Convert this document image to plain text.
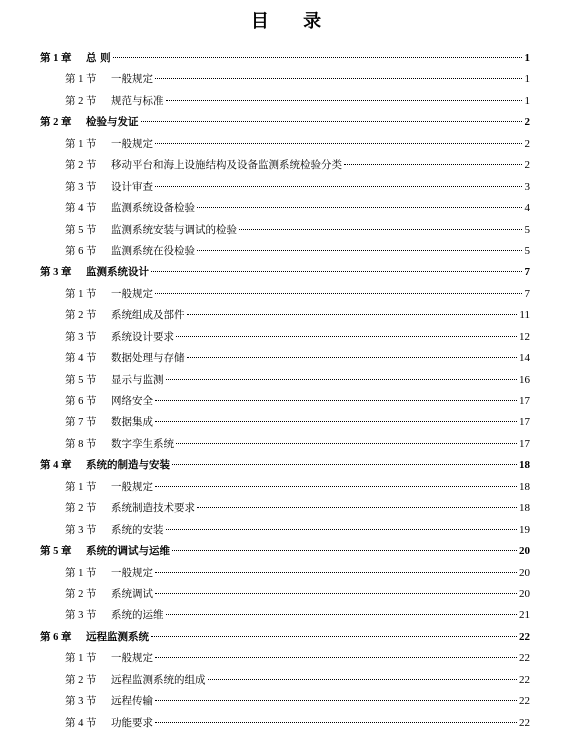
目 录
第 1 章	总 则	1
第 1 节	一般规定	1
第 2 节	规范与标准	1
第 2 章	检验与发证	2
第 1 节	一般规定	2
第 2 节	移动平台和海上设施结构及设备监测系统检验分类	2
第 3 节	设计审查	3
第 4 节	监测系统设备检验	4
第 5 节	监测系统安装与调试的检验	5
第 6 节	监测系统在役检验	5
第 3 章	监测系统设计	7
第 1 节	一般规定	7
第 2 节	系统组成及部件	11
第 3 节	系统设计要求	12
第 4 节	数据处理与存储	14
第 5 节	显示与监测	16
第 6 节	网络安全	17
第 7 节	数据集成	17
第 8 节	数字孪生系统	17
第 4 章	系统的制造与安装	18
第 1 节	一般规定	18
第 2 节	系统制造技术要求	18
第 3 节	系统的安装	19
第 5 章	系统的调试与运维	20
第 1 节	一般规定	20
第 2 节	系统调试	20
第 3 节	系统的运维	21
第 6 章	远程监测系统	22
第 1 节	一般规定	22
第 2 节	远程监测系统的组成	22
第 3 节	远程传输	22
第 4 节	功能要求	22
